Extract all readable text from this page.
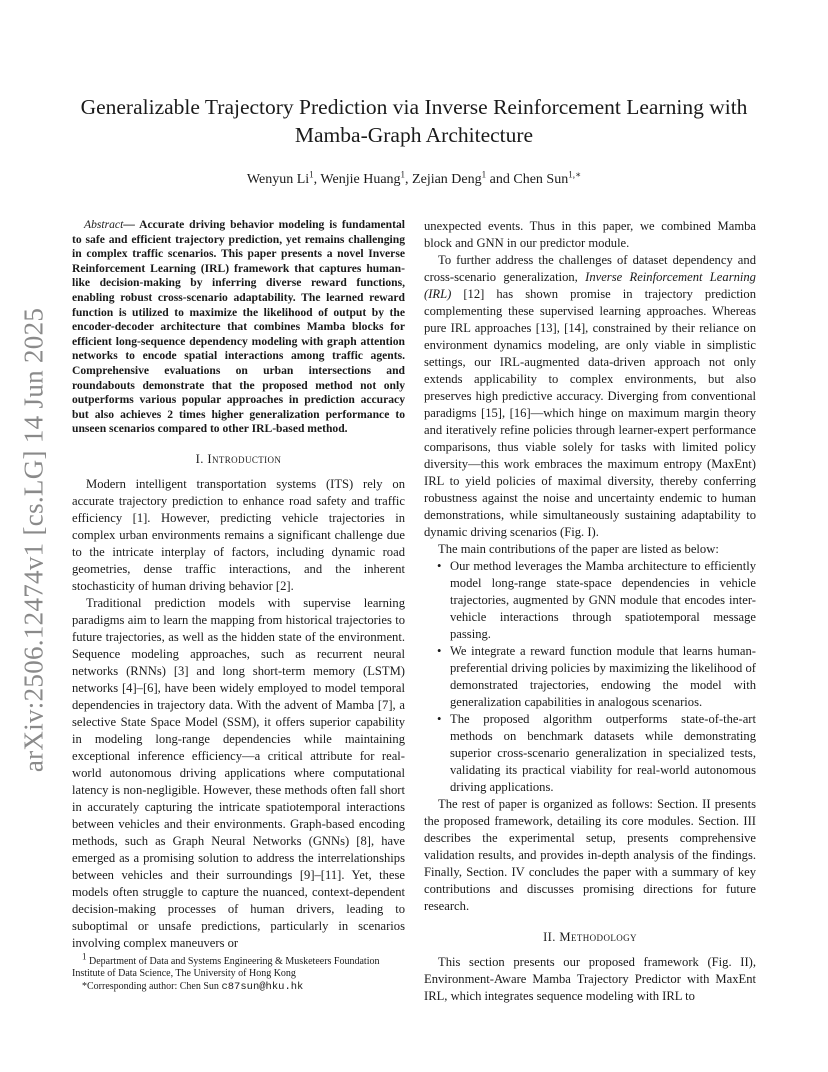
arXiv:2506.12474v1 [cs.LG] 14 Jun 2025
Generalizable Trajectory Prediction via Inverse Reinforcement Learning with
Mamba-Graph Architecture
Wenyun Li$^1$, Wenjie Huang$^1$, Zejian Deng$^1$ and Chen Sun$^{1,∗}$

Abstract— Accurate driving behavior modeling is fundamental to safe and efficient trajectory prediction, yet remains challenging in complex traffic scenarios. This paper presents a novel Inverse Reinforcement Learning (IRL) framework that captures human-like decision-making by inferring diverse reward functions, enabling robust cross-scenario adaptability. The learned reward function is utilized to maximize the likelihood of output by the encoder-decoder architecture that combines Mamba blocks for efficient long-sequence dependency modeling with graph attention networks to encode spatial interactions among traffic agents. Comprehensive evaluations on urban intersections and roundabouts demonstrate that the proposed method not only outperforms various popular approaches in prediction accuracy but also achieves 2 times higher generalization performance to unseen scenarios compared to other IRL-based method.

I. Introduction

Modern intelligent transportation systems (ITS) rely on accurate trajectory prediction to enhance road safety and traffic efficiency [1]. However, predicting vehicle trajectories in complex urban environments remains a significant challenge due to the intricate interplay of factors, including dynamic road geometries, dense traffic interactions, and the inherent stochasticity of human driving behavior [2].

Traditional prediction models with supervise learning paradigms aim to learn the mapping from historical trajectories to future trajectories, as well as the hidden state of the environment. Sequence modeling approaches, such as recurrent neural networks (RNNs) [3] and long short-term memory (LSTM) networks [4]–[6], have been widely employed to model temporal dependencies in trajectory data. With the advent of Mamba [7], a selective State Space Model (SSM), it offers superior capability in modeling long-range dependencies while maintaining exceptional inference efficiency—a critical attribute for real-world autonomous driving applications where computational latency is non-negligible. However, these methods often fall short in accurately capturing the intricate spatiotemporal interactions between vehicles and their environments. Graph-based encoding methods, such as Graph Neural Networks (GNNs) [8], have emerged as a promising solution to address the interrelationships between vehicles and their surroundings [9]–[11]. Yet, these models often struggle to capture the nuanced, context-dependent decision-making processes of human drivers, leading to suboptimal or unsafe predictions, particularly in scenarios involving complex maneuvers or

$^1$ Department of Data and Systems Engineering & Musketeers Foundation Institute of Data Science, The University of Hong Kong

*Corresponding author: Chen Sun c87sun@hku.hk

unexpected events. Thus in this paper, we combined Mamba block and GNN in our predictor module.

To further address the challenges of dataset dependency and cross-scenario generalization, Inverse Reinforcement Learning (IRL) [12] has shown promise in trajectory prediction complementing these supervised learning approaches. Whereas pure IRL approaches [13], [14], constrained by their reliance on environment dynamics modeling, are only viable in simplistic settings, our IRL-augmented data-driven approach not only extends applicability to complex environments, but also preserves high predictive accuracy. Diverging from conventional paradigms [15], [16]—which hinge on maximum margin theory and iteratively refine policies through learner-expert performance comparisons, thus viable solely for tasks with limited policy diversity—this work embraces the maximum entropy (MaxEnt) IRL to yield policies of maximal diversity, thereby conferring robustness against the noise and uncertainty endemic to human demonstrations, while simultaneously sustaining adaptability to dynamic driving scenarios (Fig. I).

The main contributions of the paper are listed as below:

• Our method leverages the Mamba architecture to efficiently model long-range state-space dependencies in vehicle trajectories, augmented by GNN module that encodes inter-vehicle interactions through spatiotemporal message passing.
• We integrate a reward function module that learns human-preferential driving policies by maximizing the likelihood of demonstrated trajectories, endowing the model with generalization capabilities in analogous scenarios.
• The proposed algorithm outperforms state-of-the-art methods on benchmark datasets while demonstrating superior cross-scenario generalization in specialized tests, validating its practical viability for real-world autonomous driving applications.

The rest of paper is organized as follows: Section. II presents the proposed framework, detailing its core modules. Section. III describes the experimental setup, presents comprehensive validation results, and provides in-depth analysis of the findings. Finally, Section. IV concludes the paper with a summary of key contributions and discusses promising directions for future research.

II. Methodology

This section presents our proposed framework (Fig. II), Environment-Aware Mamba Trajectory Predictor with MaxEnt IRL, which integrates sequence modeling with IRL to
